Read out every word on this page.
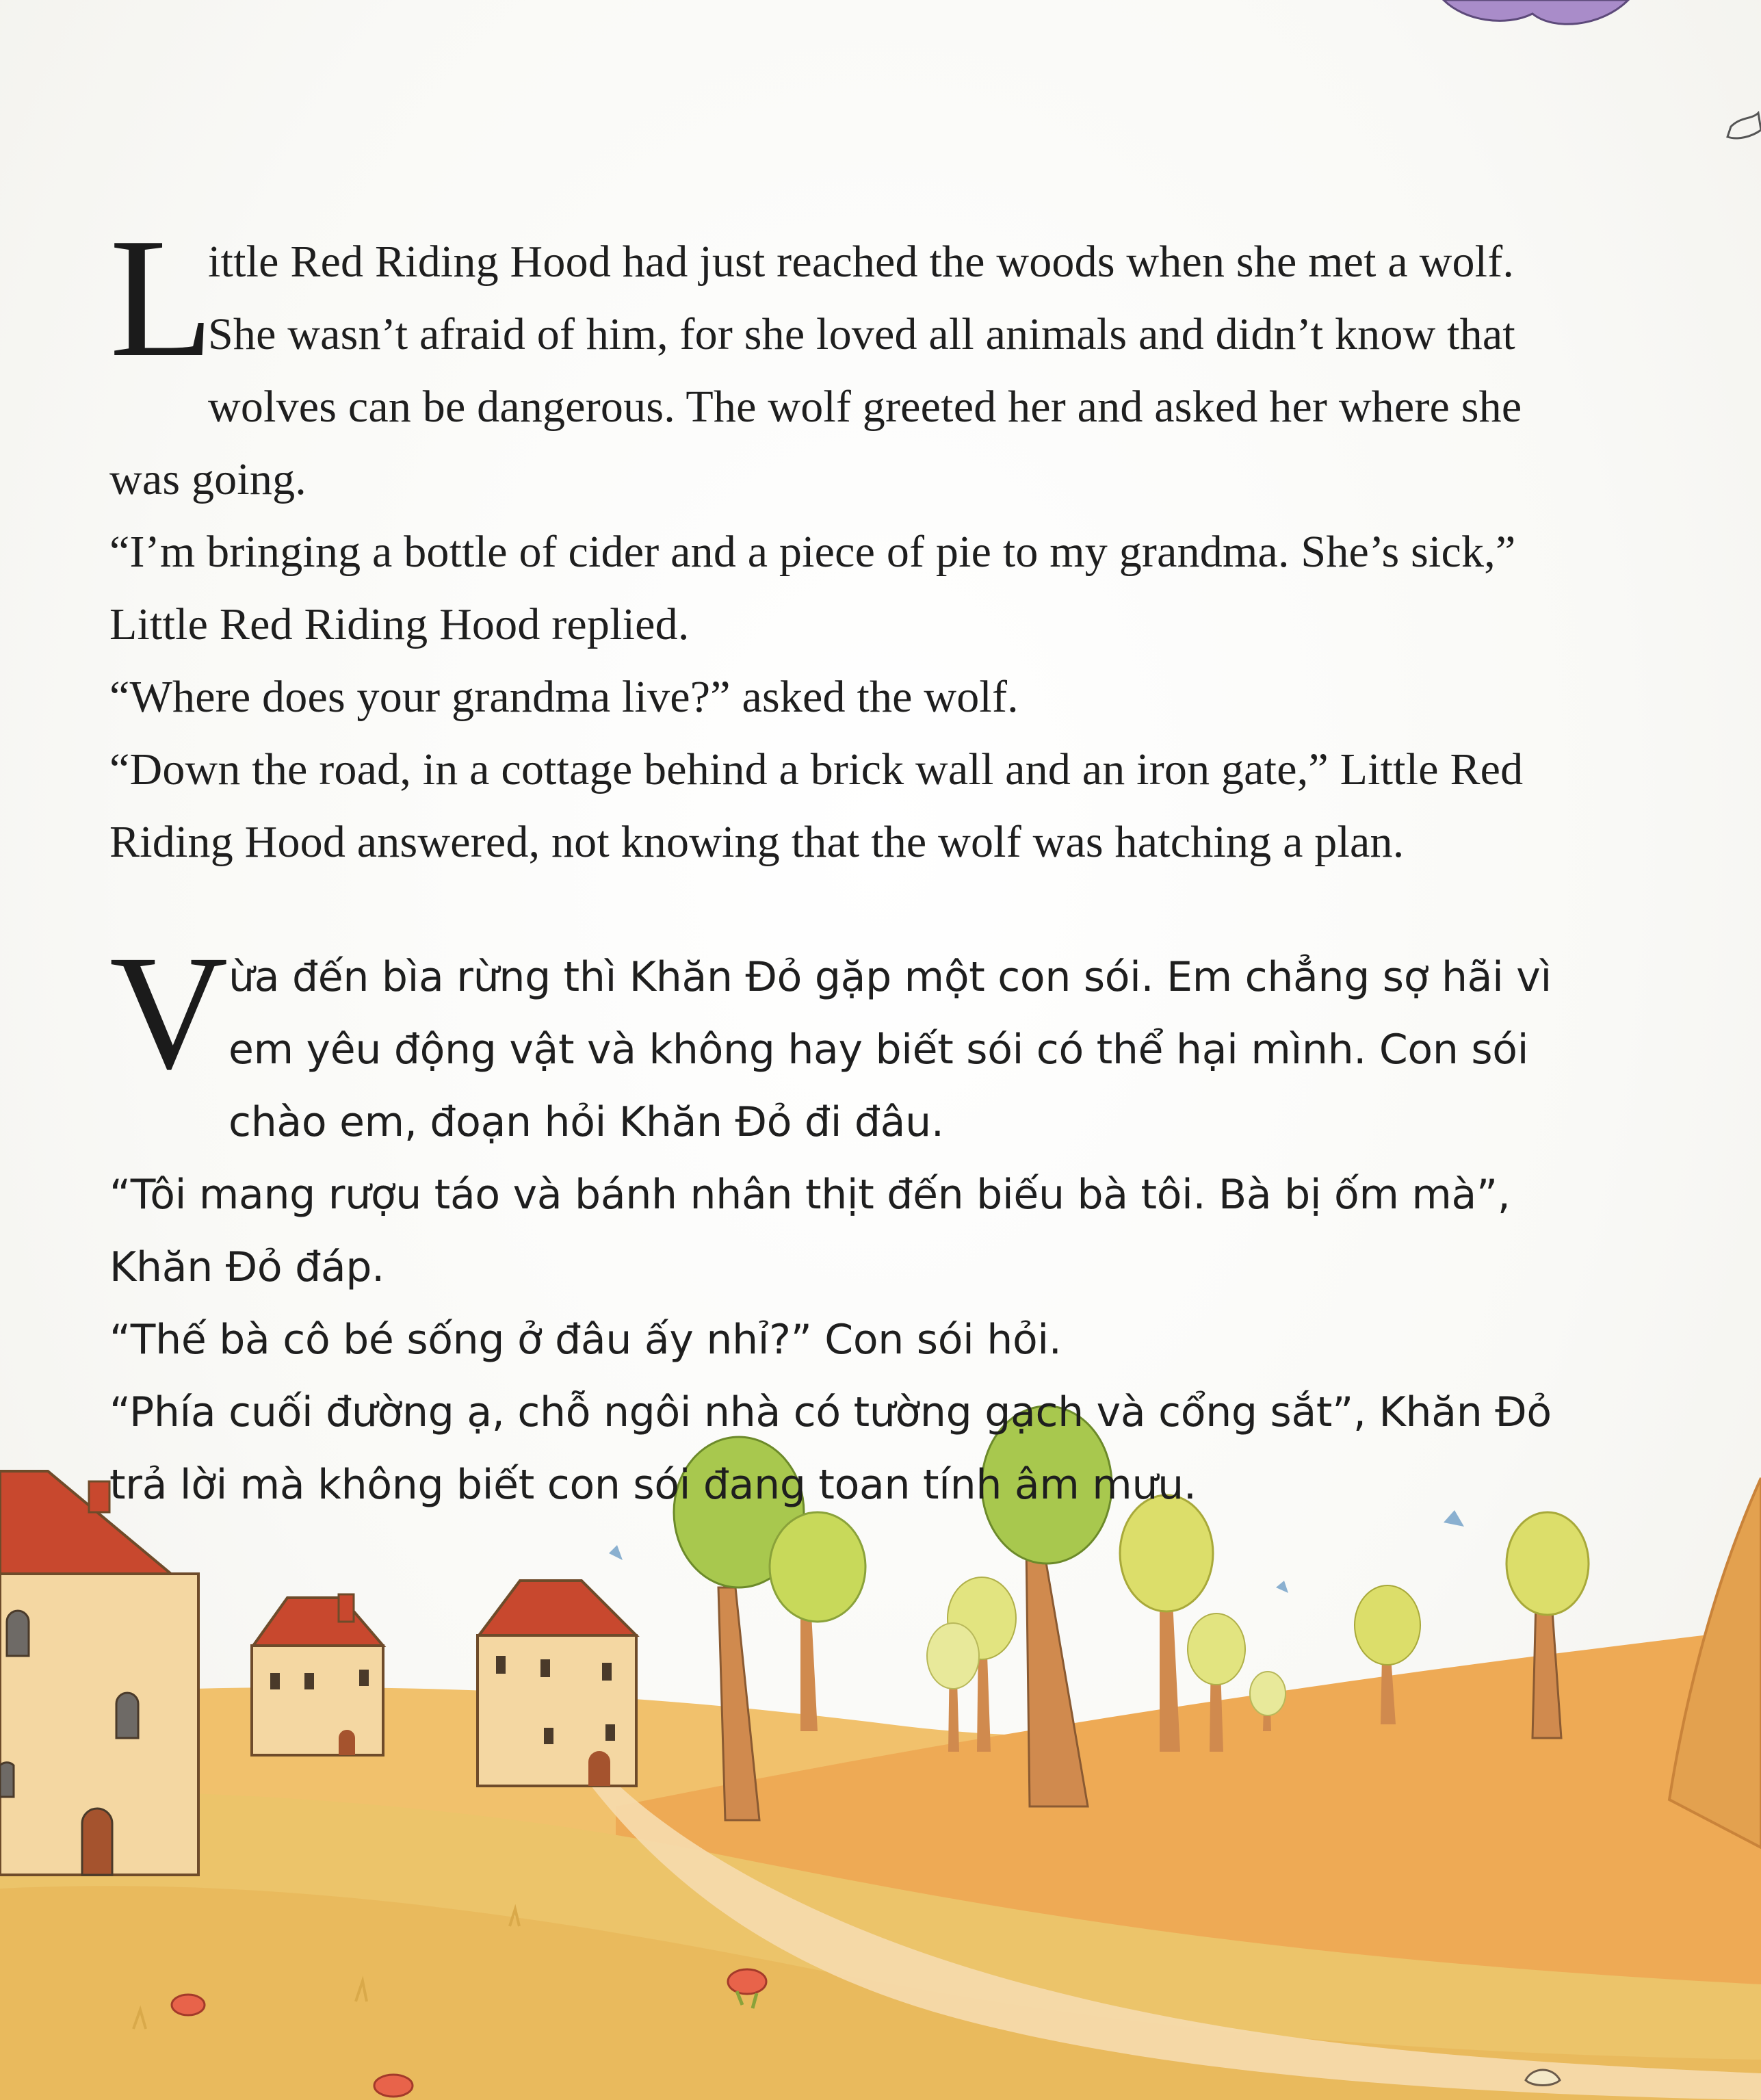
L
ittle Red Riding Hood had just reached the woods when she met a wolf. She wasn’t afraid of him, for she loved all animals and didn’t know that wolves can be dangerous. The wolf greeted her and asked her where she was going.

“I’m bringing a bottle of cider and a piece of pie to my grandma. She’s sick,” Little Red Riding Hood replied.

“Where does your grandma live?” asked the wolf.

“Down the road, in a cottage behind a brick wall and an iron gate,” Little Red Riding Hood answered, not knowing that the wolf was hatching a plan.

Vừa đến bìa rừng thì Khăn Đỏ gặp một con sói. Em chẳng sợ hãi vì em yêu động vật và không hay biết sói có thể hại mình. Con sói chào em, đoạn hỏi Khăn Đỏ đi đâu.

“Tôi mang rượu táo và bánh nhân thịt đến biếu bà tôi. Bà bị ốm mà”, Khăn Đỏ đáp.

“Thế bà cô bé sống ở đâu ấy nhỉ?” Con sói hỏi.

“Phía cuối đường ạ, chỗ ngôi nhà có tường gạch và cổng sắt”, Khăn Đỏ trả lời mà không biết con sói đang toan tính âm mưu.
